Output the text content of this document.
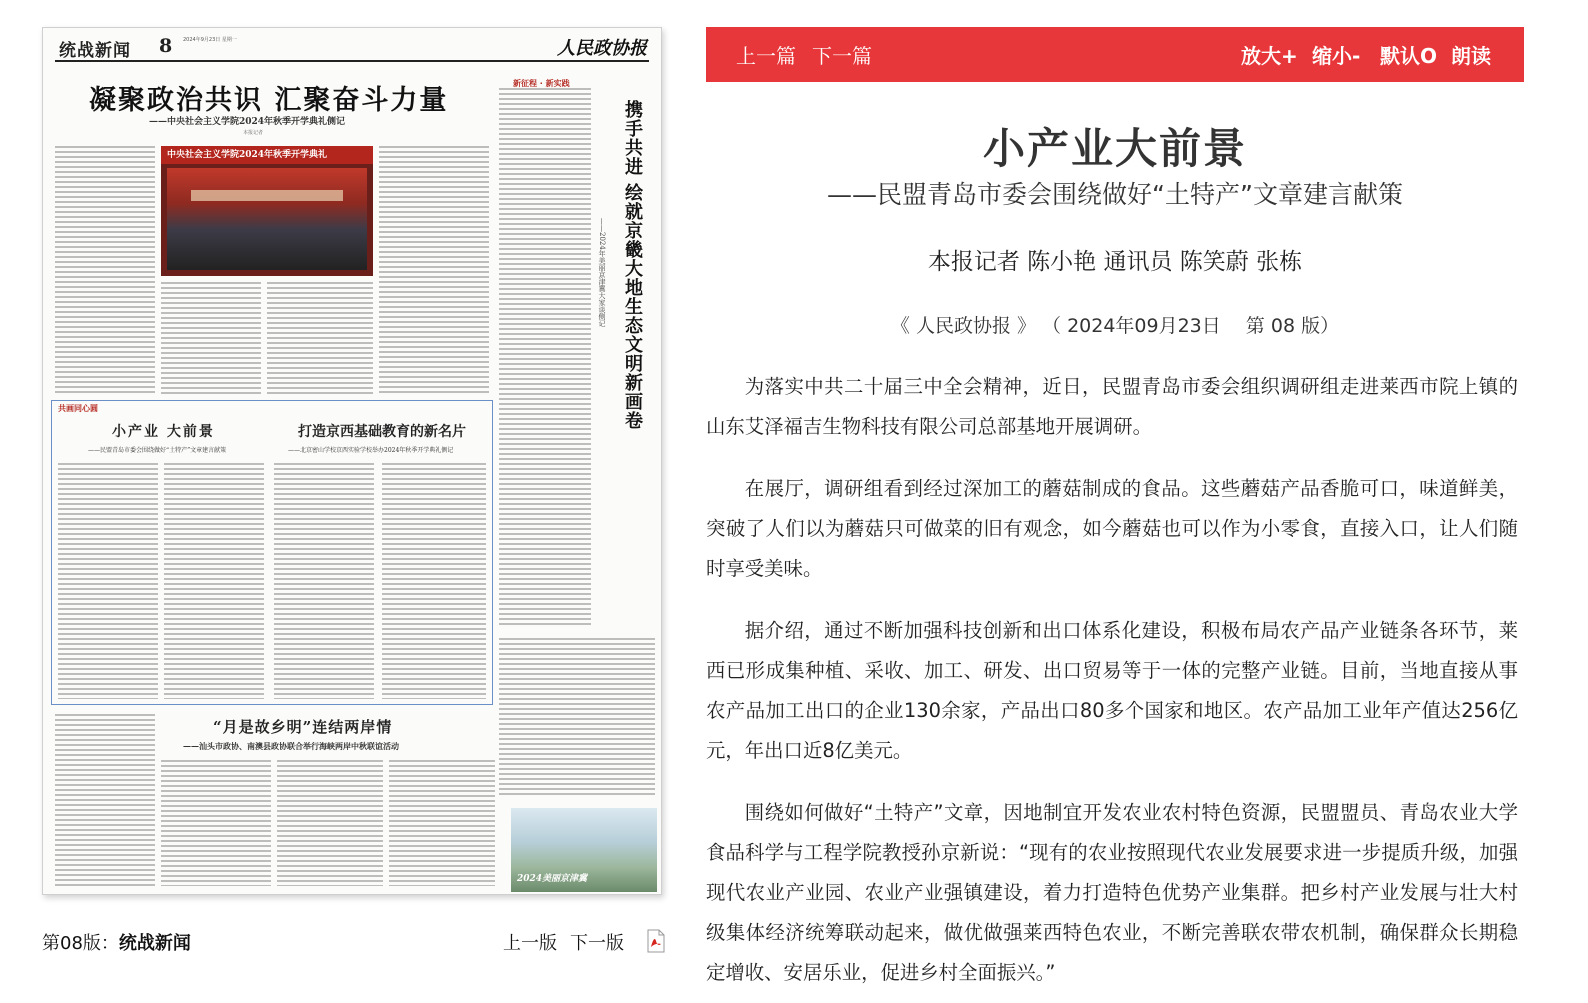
统战新闻 8 2024年9月23日 星期一	人民政协报
凝聚政治共识 汇聚奋斗力量
——中央社会主义学院2024年秋季开学典礼侧记
本报记者
中央社会主义学院2024年秋季开学典礼
新征程 · 新实践
携手共进 绘就京畿大地生态文明新画卷
——2024年美丽京津冀大家谈侧记
共画同心圆
小产业 大前景
——民盟青岛市委会围绕做好“土特产”文章建言献策
打造京西基础教育的新名片
——北京密山学校京西实验学校举办2024年秋季开学典礼侧记
“月是故乡明”连结两岸情
——汕头市政协、南澳县政协联合举行海峡两岸中秋联谊活动
2024美丽京津冀
第08版：统战新闻	上一版 下一版
上一篇 下一篇	放大+ 缩小- 默认O 朗读
小产业大前景
——民盟青岛市委会围绕做好“土特产”文章建言献策
本报记者 陈小艳 通讯员 陈笑蔚 张栋
《 人民政协报 》 （ 2024年09月23日 　第 08 版）

为落实中共二十届三中全会精神，近日，民盟青岛市委会组织调研组走进莱西市院上镇的山东艾泽福吉生物科技有限公司总部基地开展调研。

在展厅，调研组看到经过深加工的蘑菇制成的食品。这些蘑菇产品香脆可口，味道鲜美，突破了人们以为蘑菇只可做菜的旧有观念，如今蘑菇也可以作为小零食，直接入口，让人们随时享受美味。

据介绍，通过不断加强科技创新和出口体系化建设，积极布局农产品产业链条各环节，莱西已形成集种植、采收、加工、研发、出口贸易等于一体的完整产业链。目前，当地直接从事农产品加工出口的企业130余家，产品出口80多个国家和地区。农产品加工业年产值达256亿元，年出口近8亿美元。

围绕如何做好“土特产”文章，因地制宜开发农业农村特色资源，民盟盟员、青岛农业大学食品科学与工程学院教授孙京新说：“现有的农业按照现代农业发展要求进一步提质升级，加强现代农业产业园、农业产业强镇建设，着力打造特色优势产业集群。把乡村产业发展与壮大村级集体经济统筹联动起来，做优做强莱西特色农业，不断完善联农带农机制，确保群众长期稳定增收、安居乐业，促进乡村全面振兴。”
